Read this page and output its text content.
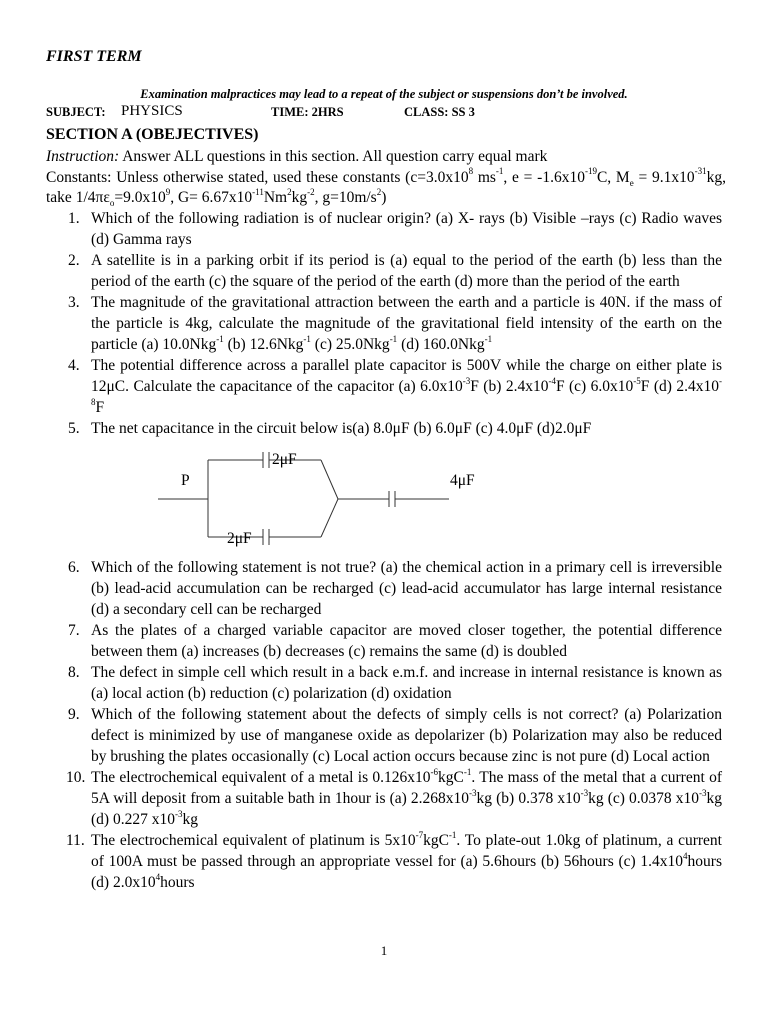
FIRST TERM
Examination malpractices may lead to a repeat of the subject or suspensions don’t be involved.
SUBJECT: PHYSICS	TIME: 2HRS	CLASS: SS 3
SECTION A (OBEJECTIVES)

Instruction: Answer ALL questions in this section. All question carry equal mark

Constants: Unless otherwise stated, used these constants ($c=3.0x10^8$ $ms^{-1}$, $e = -1.6x10^{-19}C$, $M_e = 9.1x10^{-31}kg$, take $1/4\pi\varepsilon_o=9.0x10^9$, $G= 6.67x10^{-11}Nm^2kg^{-2}$, $g=10m/s^2$)

1. Which of the following radiation is of nuclear origin? (a) X- rays (b) Visible –rays (c) Radio waves (d) Gamma rays
2. A satellite is in a parking orbit if its period is (a) equal to the period of the earth (b) less than the period of the earth (c) the square of the period of the earth (d) more than the period of the earth
3. The magnitude of the gravitational attraction between the earth and a particle is 40N. if the mass of the particle is 4kg, calculate the magnitude of the gravitational field intensity of the earth on the particle (a) 10.0Nkg$^{-1}$ (b) 12.6Nkg$^{-1}$ (c) 25.0Nkg$^{-1}$ (d) 160.0Nkg$^{-1}$
4. The potential difference across a parallel plate capacitor is 500V while the charge on either plate is 12μC. Calculate the capacitance of the capacitor (a) $6.0x10^{-3}F$ (b) $2.4x10^{-4}F$ (c) $6.0x10^{-5}F$ (d) $2.4x10^{-8}F$
5. The net capacitance in the circuit below is(a) 8.0μF (b) 6.0μF (c) 4.0μF (d)2.0μF
P
2μF
4μF
2μF
6. Which of the following statement is not true? (a) the chemical action in a primary cell is irreversible (b) lead-acid accumulation can be recharged (c) lead-acid accumulator has large internal resistance (d) a secondary cell can be recharged
7. As the plates of a charged variable capacitor are moved closer together, the potential difference between them (a) increases (b) decreases (c) remains the same (d) is doubled
8. The defect in simple cell which result in a back e.m.f. and increase in internal resistance is known as (a) local action (b) reduction (c) polarization (d) oxidation
9. Which of the following statement about the defects of simply cells is not correct? (a) Polarization defect is minimized by use of manganese oxide as depolarizer (b) Polarization may also be reduced by brushing the plates occasionally (c) Local action occurs because zinc is not pure (d) Local action
10. The electrochemical equivalent of a metal is $0.126x10^{-6}kgC^{-1}$. The mass of the metal that a current of 5A will deposit from a suitable bath in 1hour is (a) $2.268x10^{-3}kg$ (b) 0.378 $x10^{-3}kg$ (c) 0.0378 $x10^{-3}kg$ (d) 0.227 $x10^{-3}kg$
11. The electrochemical equivalent of platinum is $5x10^{-7}kgC^{-1}$. To plate-out 1.0kg of platinum, a current of 100A must be passed through an appropriate vessel for (a) 5.6hours (b) 56hours (c) $1.4x10^4hours$ (d) $2.0x10^4hours$
1
